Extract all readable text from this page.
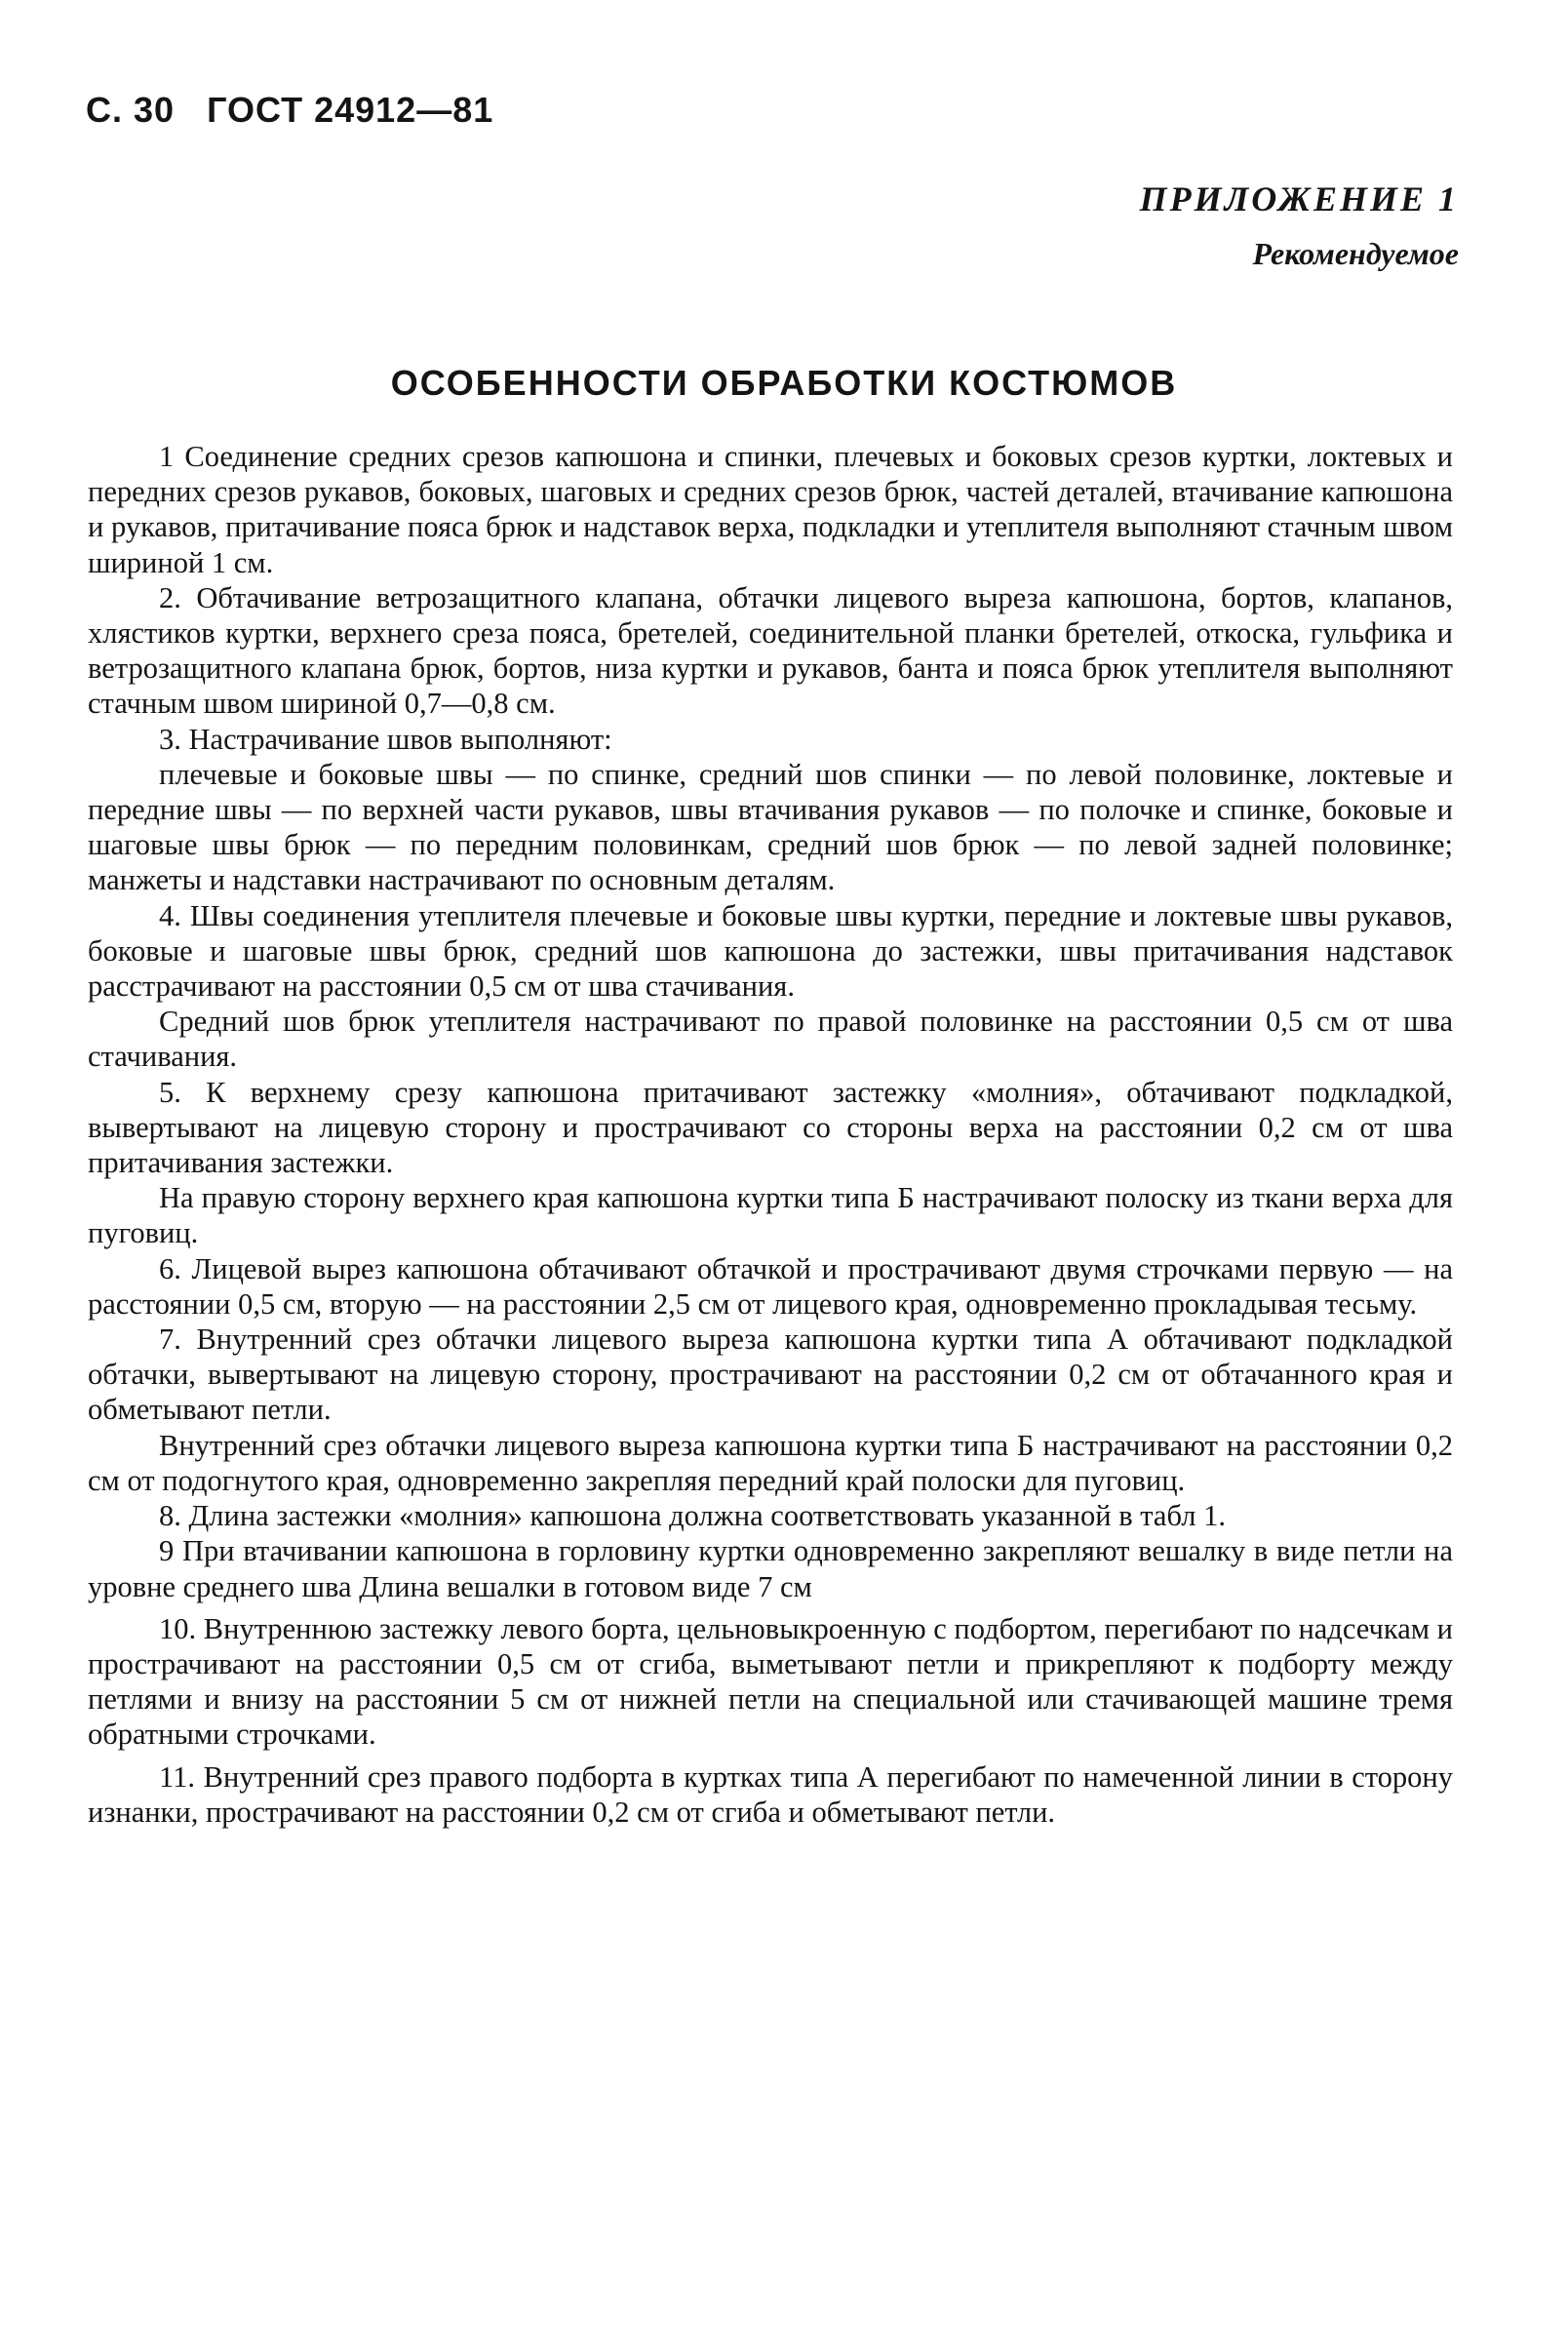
С. 30 ГОСТ 24912—81
ПРИЛОЖЕНИЕ 1
Рекомендуемое
ОСОБЕННОСТИ ОБРАБОТКИ КОСТЮМОВ

1 Соединение средних срезов капюшона и спинки, плечевых и боковых срезов куртки, локтевых и передних срезов рукавов, боковых, шаговых и средних срезов брюк, частей деталей, втачивание капюшона и рукавов, притачивание пояса брюк и надставок верха, подкладки и утеплителя выполняют стачным швом шириной 1 см.

2. Обтачивание ветрозащитного клапана, обтачки лицевого выреза капюшона, бортов, клапанов, хлястиков куртки, верхнего среза пояса, бретелей, соединительной планки бретелей, откоска, гульфика и ветрозащитного клапана брюк, бортов, низа куртки и рукавов, банта и пояса брюк утеплителя выполняют стачным швом шириной 0,7—0,8 см.

3. Настрачивание швов выполняют:

плечевые и боковые швы — по спинке, средний шов спинки — по левой половинке, локтевые и передние швы — по верхней части рукавов, швы втачивания рукавов — по полочке и спинке, боковые и шаговые швы брюк — по передним половинкам, средний шов брюк — по левой задней половинке; манжеты и надставки настрачивают по основным деталям.

4. Швы соединения утеплителя плечевые и боковые швы куртки, передние и локтевые швы рукавов, боковые и шаговые швы брюк, средний шов капюшона до застежки, швы притачивания надставок расстрачивают на расстоянии 0,5 см от шва стачивания.

Средний шов брюк утеплителя настрачивают по правой половинке на расстоянии 0,5 см от шва стачивания.

5. К верхнему срезу капюшона притачивают застежку «молния», обтачивают подкладкой, вывертывают на лицевую сторону и прострачивают со стороны верха на расстоянии 0,2 см от шва притачивания застежки.

На правую сторону верхнего края капюшона куртки типа Б настрачивают полоску из ткани верха для пуговиц.

6. Лицевой вырез капюшона обтачивают обтачкой и прострачивают двумя строчками первую — на расстоянии 0,5 см, вторую — на расстоянии 2,5 см от лицевого края, одновременно прокладывая тесьму.

7. Внутренний срез обтачки лицевого выреза капюшона куртки типа А обтачивают подкладкой обтачки, вывертывают на лицевую сторону, прострачивают на расстоянии 0,2 см от обтачанного края и обметывают петли.

Внутренний срез обтачки лицевого выреза капюшона куртки типа Б настрачивают на расстоянии 0,2 см от подогнутого края, одновременно закрепляя передний край полоски для пуговиц.

8. Длина застежки «молния» капюшона должна соответствовать указанной в табл 1.

9 При втачивании капюшона в горловину куртки одновременно закрепляют вешалку в виде петли на уровне среднего шва Длина вешалки в готовом виде 7 см

10. Внутреннюю застежку левого борта, цельновыкроенную с подбортом, перегибают по надсечкам и прострачивают на расстоянии 0,5 см от сгиба, выметывают петли и прикрепляют к подборту между петлями и внизу на расстоянии 5 см от нижней петли на специальной или стачивающей машине тремя обратными строчками.

11. Внутренний срез правого подборта в куртках типа А перегибают по намеченной линии в сторону изнанки, прострачивают на расстоянии 0,2 см от сгиба и обметывают петли.
